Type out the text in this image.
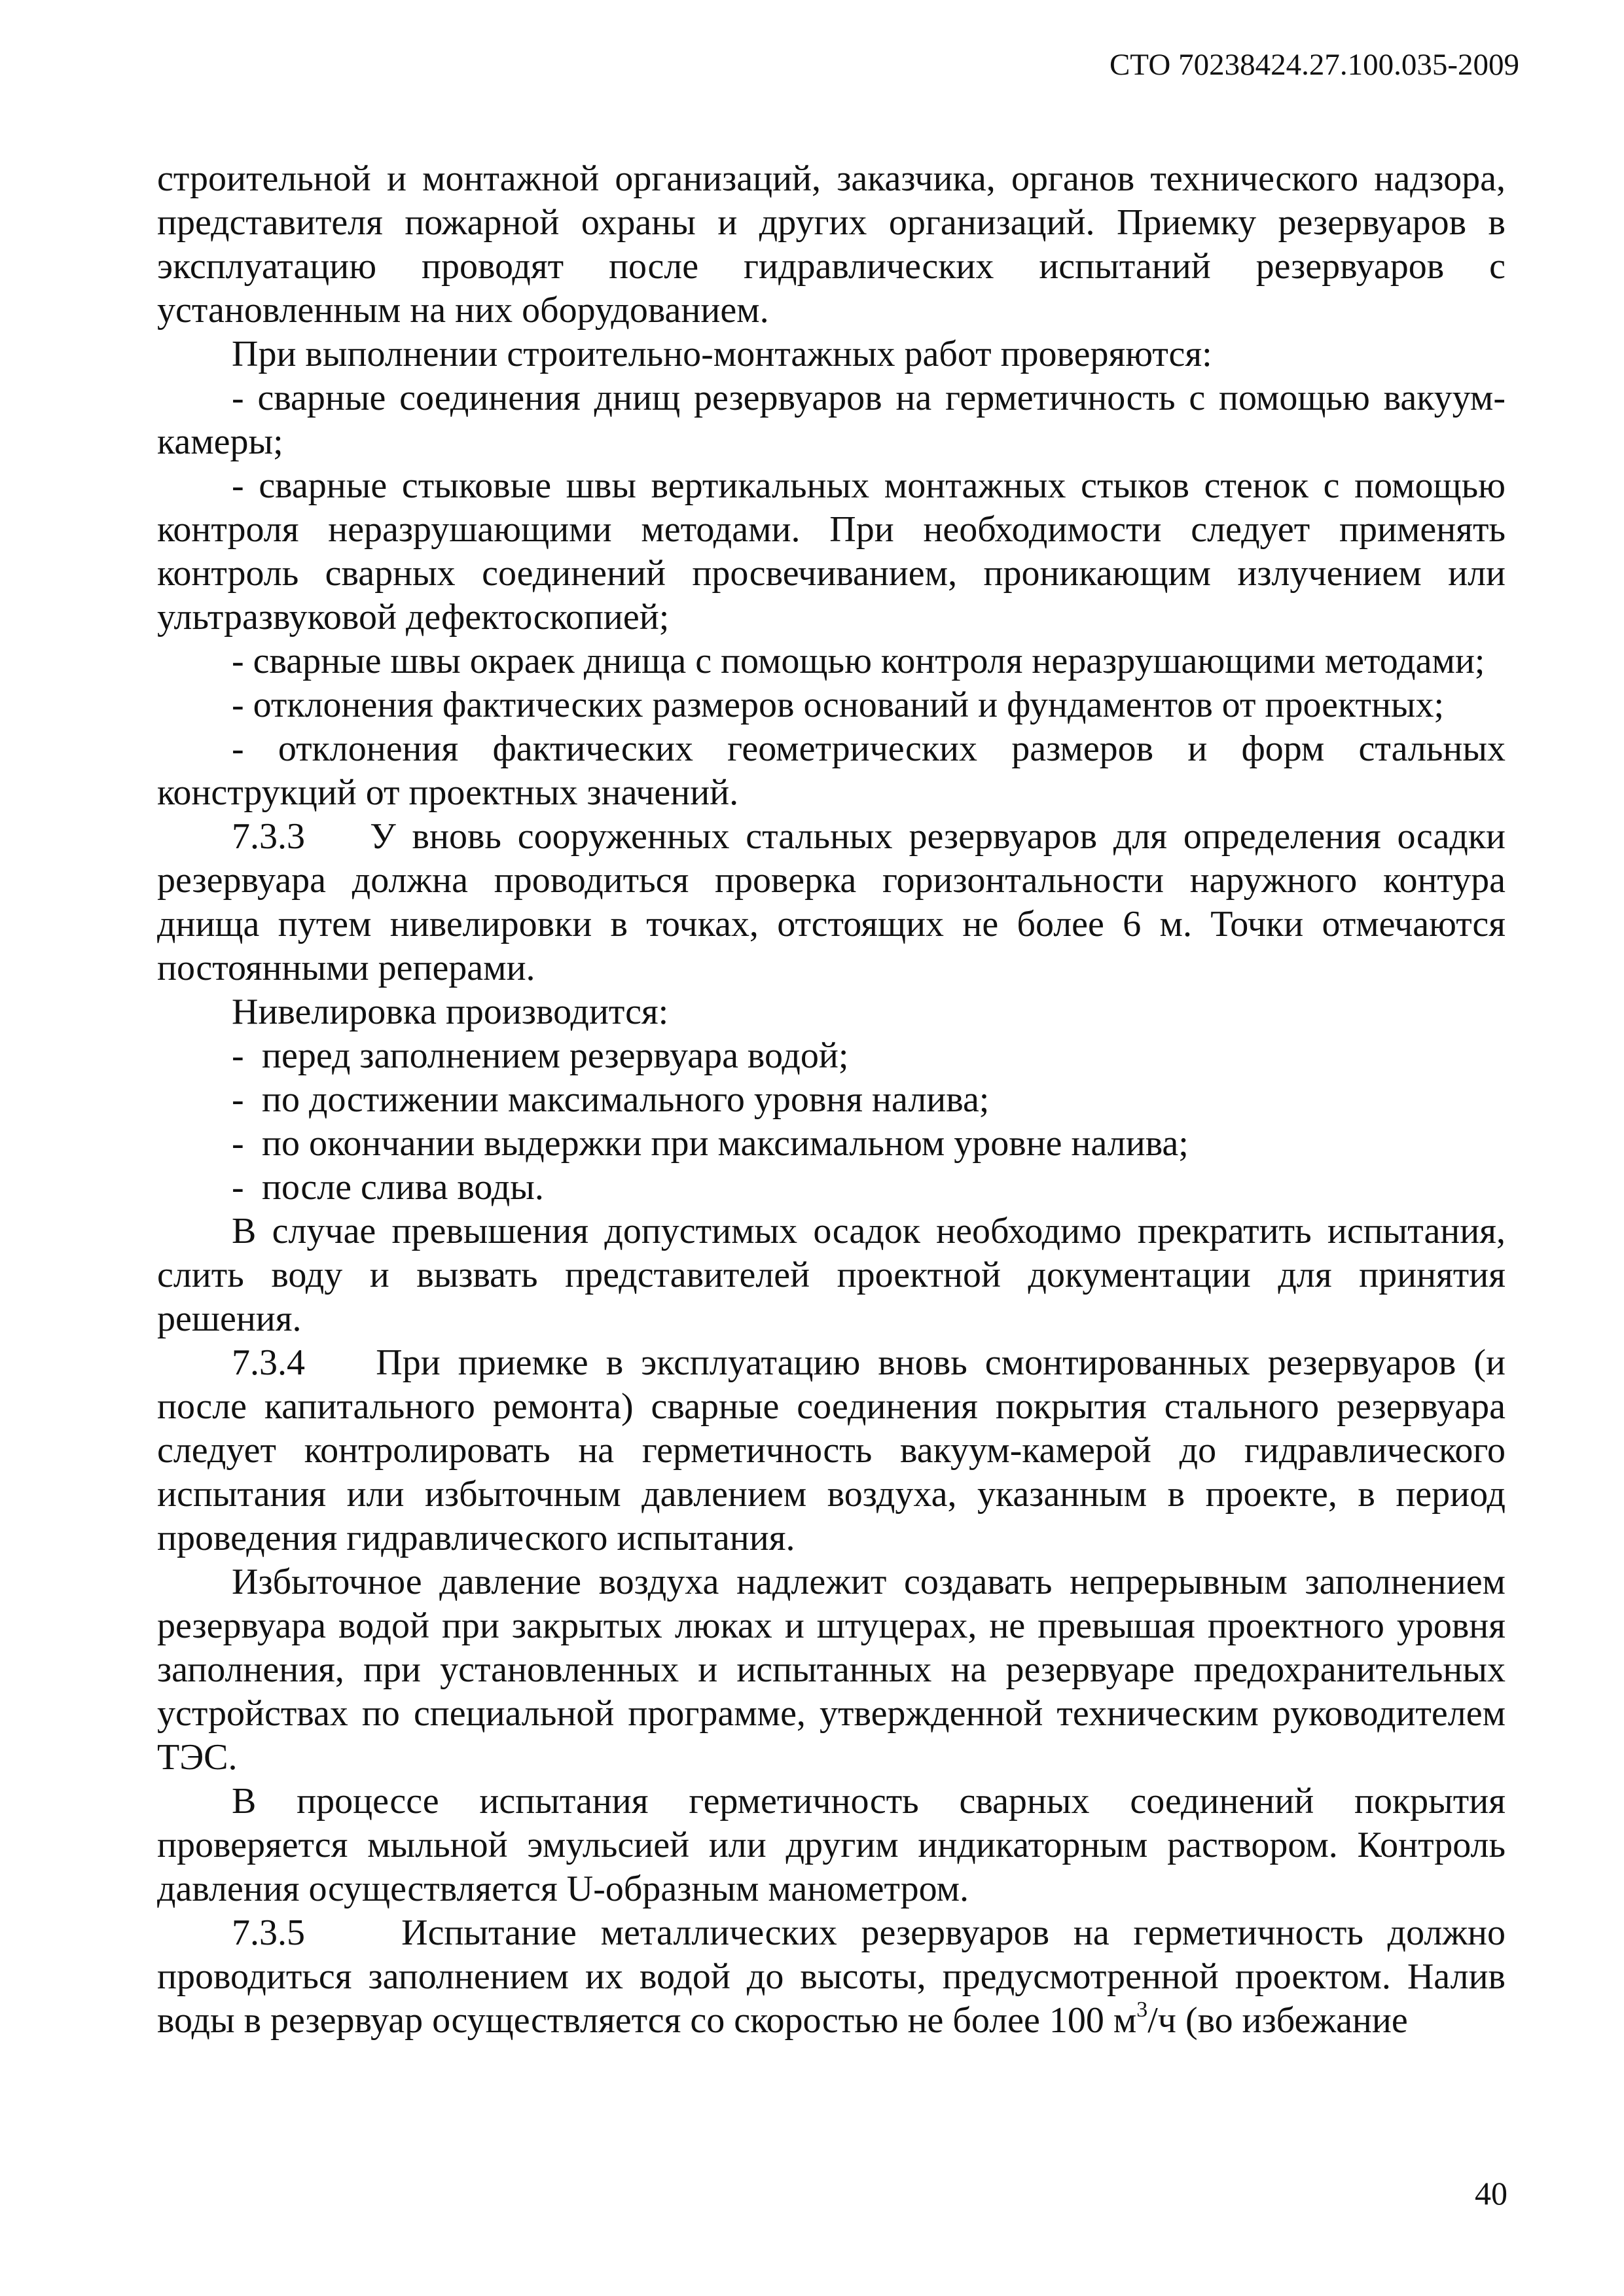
СТО 70238424.27.100.035-2009

строительной и монтажной организаций, заказчика, органов технического надзора, представителя пожарной охраны и других организаций. Приемку резервуаров в эксплуатацию проводят после гидравлических испытаний резервуаров с установленным на них оборудованием.

При выполнении строительно-монтажных работ проверяются:

- сварные соединения днищ резервуаров на герметичность с помощью вакуум- камеры;

- сварные стыковые швы вертикальных монтажных стыков стенок с помощью контроля неразрушающими методами. При необходимости следует применять контроль сварных соединений просвечиванием, проникающим излучением или ультразвуковой дефектоскопией;

- сварные швы окраек днища с помощью контроля неразрушающими методами;

- отклонения фактических размеров оснований и фундаментов от проектных;

- отклонения фактических геометрических размеров и форм стальных конструкций от проектных значений.

7.3.3    У вновь сооруженных стальных резервуаров для определения осадки резервуара должна проводиться проверка горизонтальности наружного контура днища путем нивелировки в точках, отстоящих не более 6 м. Точки отмечаются постоянными реперами.

Нивелировка производится:

- перед заполнением резервуара водой;
- по достижении максимального уровня налива;
- по окончании выдержки при максимальном уровне налива;
- после слива воды.

В случае превышения допустимых осадок необходимо прекратить испытания, слить воду и вызвать представителей проектной документации для принятия решения.

7.3.4    При приемке в эксплуатацию вновь смонтированных резервуаров (и после капитального ремонта) сварные соединения покрытия стального резервуара следует контролировать на герметичность вакуум-камерой до гидравлического испытания или избыточным давлением воздуха, указанным в проекте, в период проведения гидравлического испытания.

Избыточное давление воздуха надлежит создавать непрерывным заполнением резервуара водой при закрытых люках и штуцерах, не превышая проектного уровня заполнения, при установленных и испытанных на резервуаре предохранительных устройствах по специальной программе, утвержденной техническим руководителем ТЭС.

В процессе испытания герметичность сварных соединений покрытия проверяется мыльной эмульсией или другим индикаторным раствором. Контроль давления осуществляется U-образным манометром.

7.3.5    Испытание металлических резервуаров на герметичность должно проводиться заполнением их водой до высоты, предусмотренной проектом. Налив воды в резервуар осуществляется со скоростью не более 100 $м^3/ч$ (во избежание

40
